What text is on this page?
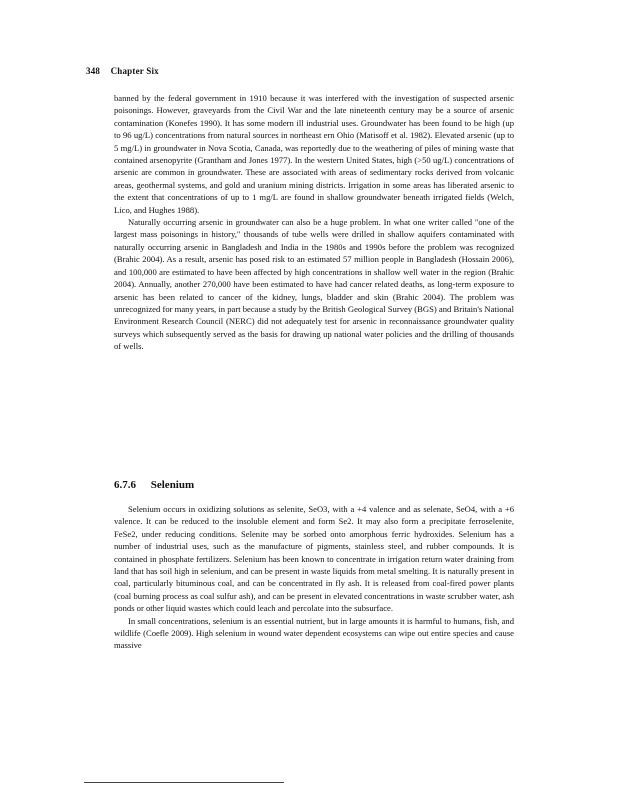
348 Chapter Six

banned by the federal government in 1910 because it was interfered with the investigation of suspected arsenic poisonings. However, graveyards from the Civil War and the late nineteenth century may be a source of arsenic contamination (Konefes 1990). It has some modern ill industrial uses. Groundwater has been found to be high (up to 96 ug/L) concentrations from natural sources in northeast ern Ohio (Matisoff et al. 1982). Elevated arsenic (up to 5 mg/L) in groundwater in Nova Scotia, Canada, was reportedly due to the weathering of piles of mining waste that contained arsenopyrite (Grantham and Jones 1977). In the western United States, high (>50 ug/L) concentrations of arsenic are common in groundwater. These are associated with areas of sedimentary rocks derived from volcanic areas, geothermal systems, and gold and uranium mining districts. Irrigation in some areas has liberated arsenic to the extent that concentrations of up to 1 mg/L are found in shallow groundwater beneath irrigated fields (Welch, Lico, and Hughes 1988).

Naturally occurring arsenic in groundwater can also be a huge problem. In what one writer called "one of the largest mass poisonings in history," thousands of tube wells were drilled in shallow aquifers contaminated with naturally occurring arsenic in Bangladesh and India in the 1980s and 1990s before the problem was recognized (Brahic 2004). As a result, arsenic has posed risk to an estimated 57 million people in Bangladesh (Hossain 2006), and 100,000 are estimated to have been affected by high concentrations in shallow well water in the region (Brahic 2004). Annually, another 270,000 have been estimated to have had cancer related deaths, as long-term exposure to arsenic has been related to cancer of the kidney, lungs, bladder and skin (Brahic 2004). The problem was unrecognized for many years, in part because a study by the British Geological Survey (BGS) and Britain's National Environment Research Council (NERC) did not adequately test for arsenic in reconnaissance groundwater quality surveys which subsequently served as the basis for drawing up national water policies and the drilling of thousands of wells.

6.7.6 Selenium

Selenium occurs in oxidizing solutions as selenite, SeO3, with a +4 valence and as selenate, SeO4, with a +6 valence. It can be reduced to the insoluble element and form Se2. It may also form a precipitate ferroselenite, FeSe2, under reducing conditions. Selenite may be sorbed onto amorphous ferric hydroxides. Selenium has a number of industrial uses, such as the manufacture of pigments, stainless steel, and rubber compounds. It is contained in phosphate fertilizers. Selenium has been known to concentrate in irrigation return water draining from land that has soil high in selenium, and can be present in waste liquids from metal smelting. It is naturally present in coal, particularly bituminous coal, and can be concentrated in fly ash. It is released from coal-fired power plants (coal burning process as coal sulfur ash), and can be present in elevated concentrations in waste scrubber water, ash ponds or other liquid wastes which could leach and percolate into the subsurface.

In small concentrations, selenium is an essential nutrient, but in large amounts it is harmful to humans, fish, and wildlife (Coefle 2009). High selenium in wound water dependent ecosystems can wipe out entire species and cause massive
